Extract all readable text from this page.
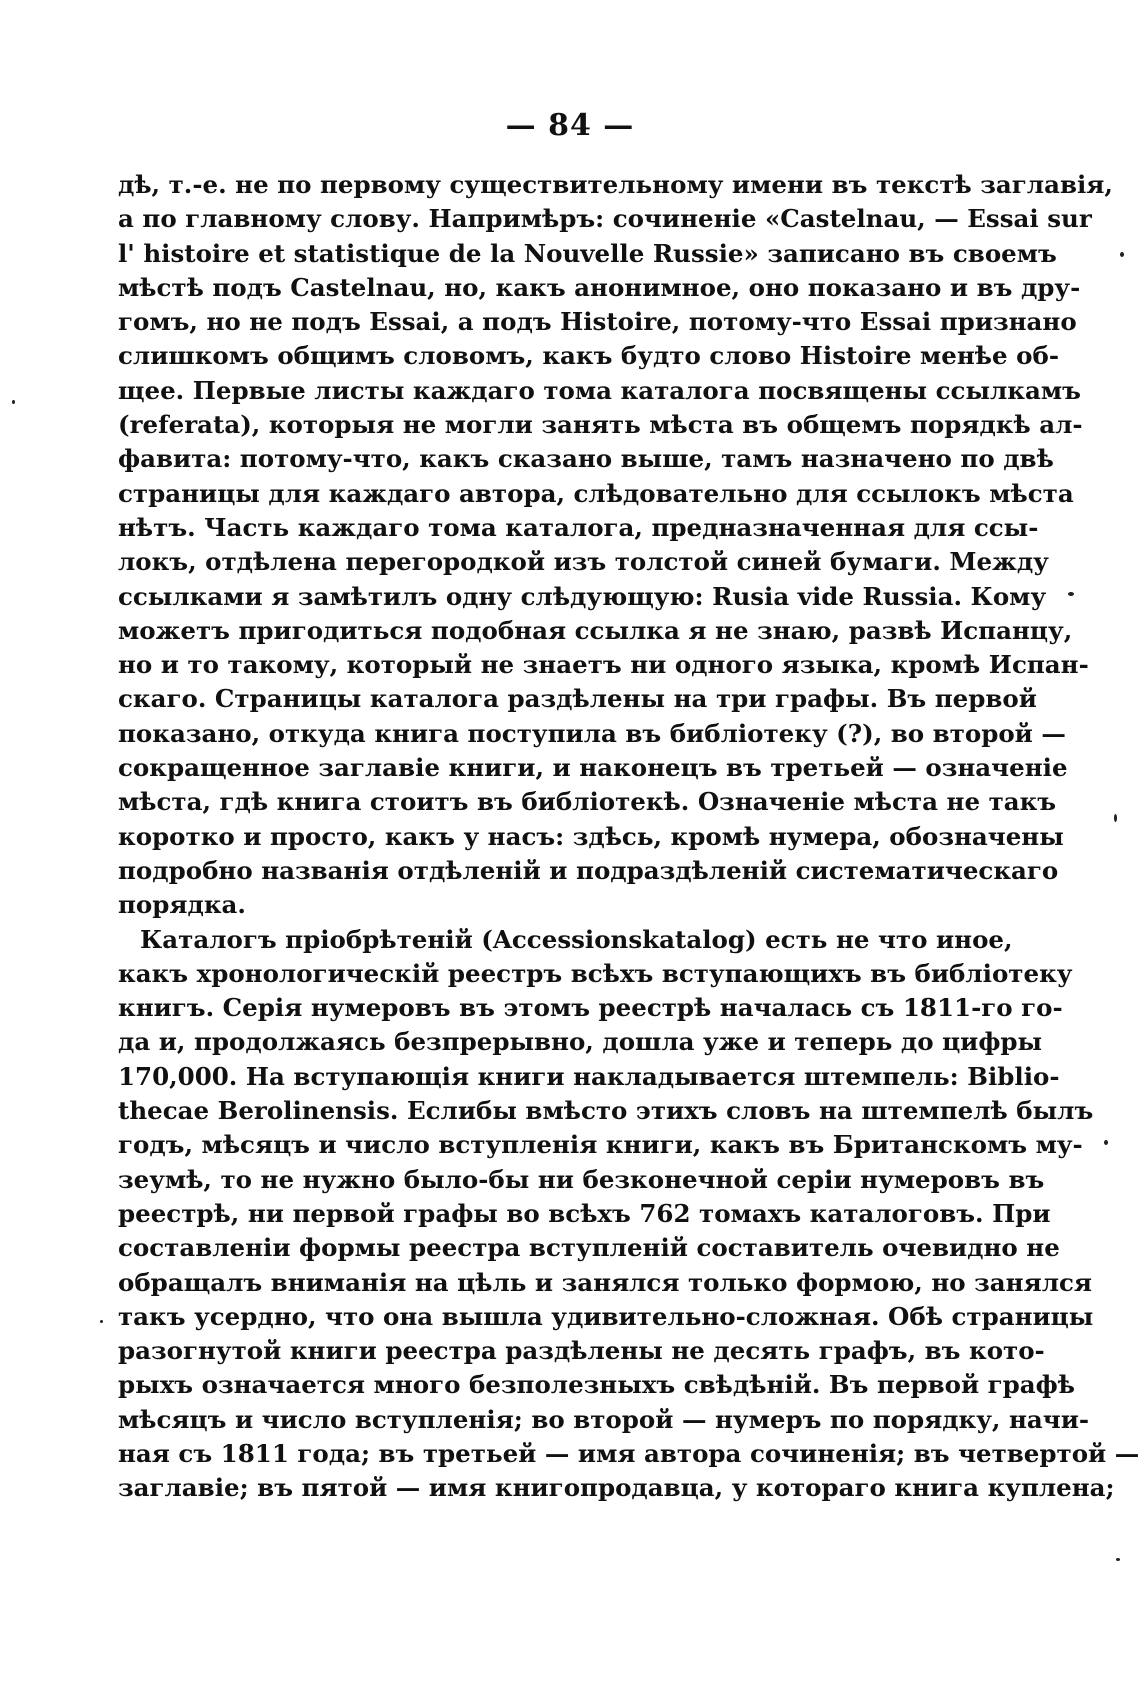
— 84 —
дѣ, т.-е. не по первому существительному имени въ текстѣ заглавія,
а по главному слову. Напримѣръ: сочиненіе «Castelnau, — Essai sur
l' histoire et statistique de la Nouvelle Russie» записано въ своемъ
мѣстѣ подъ Castelnau, но, какъ анонимное, оно показано и въ дру-
гомъ, но не подъ Essai, а подъ Histoire, потому-что Essai признано
слишкомъ общимъ словомъ, какъ будто слово Histoire менѣе об-
щее. Первые листы каждаго тома каталога посвящены ссылкамъ
(referata), которыя не могли занять мѣста въ общемъ порядкѣ ал-
фавита: потому-что, какъ сказано выше, тамъ назначено по двѣ
страницы для каждаго автора, слѣдовательно для ссылокъ мѣста
нѣтъ. Часть каждаго тома каталога, предназначенная для ссы-
локъ, отдѣлена перегородкой изъ толстой синей бумаги. Между
ссылками я замѣтилъ одну слѣдующую: Rusia vide Russia. Кому
можетъ пригодиться подобная ссылка я не знаю, развѣ Испанцу,
но и то такому, который не знаетъ ни одного языка, кромѣ Испан-
скаго. Страницы каталога раздѣлены на три графы. Въ первой
показано, откуда книга поступила въ библіотеку (?), во второй —
сокращенное заглавіе книги, и наконецъ въ третьей — означеніе
мѣста, гдѣ книга стоитъ въ библіотекѣ. Означеніе мѣста не такъ
коротко и просто, какъ у насъ: здѣсь, кромѣ нумера, обозначены
подробно названія отдѣленій и подраздѣленій систематическаго
порядка.
Каталогъ пріобрѣтеній (Accessionskatalog) есть не что иное,
какъ хронологическій реестръ всѣхъ вступающихъ въ библіотеку
книгъ. Серія нумеровъ въ этомъ реестрѣ началась съ 1811-го го-
да и, продолжаясь безпрерывно, дошла уже и теперь до цифры
170,000. На вступающія книги накладывается штемпель: Biblio-
thecae Berolinensis. Еслибы вмѣсто этихъ словъ на штемпелѣ былъ
годъ, мѣсяцъ и число вступленія книги, какъ въ Британскомъ му-
зеумѣ, то не нужно было-бы ни безконечной серіи нумеровъ въ
реестрѣ, ни первой графы во всѣхъ 762 томахъ каталоговъ. При
составленіи формы реестра вступленій составитель очевидно не
обращалъ вниманія на цѣль и занялся только формою, но занялся
такъ усердно, что она вышла удивительно-сложная. Обѣ страницы
разогнутой книги реестра раздѣлены не десять графъ, въ кото-
рыхъ означается много безполезныхъ свѣдѣній. Въ первой графѣ
мѣсяцъ и число вступленія; во второй — нумеръ по порядку, начи-
ная съ 1811 года; въ третьей — имя автора сочиненія; въ четвертой —
заглавіе; въ пятой — имя книгопродавца, у котораго книга куплена;
